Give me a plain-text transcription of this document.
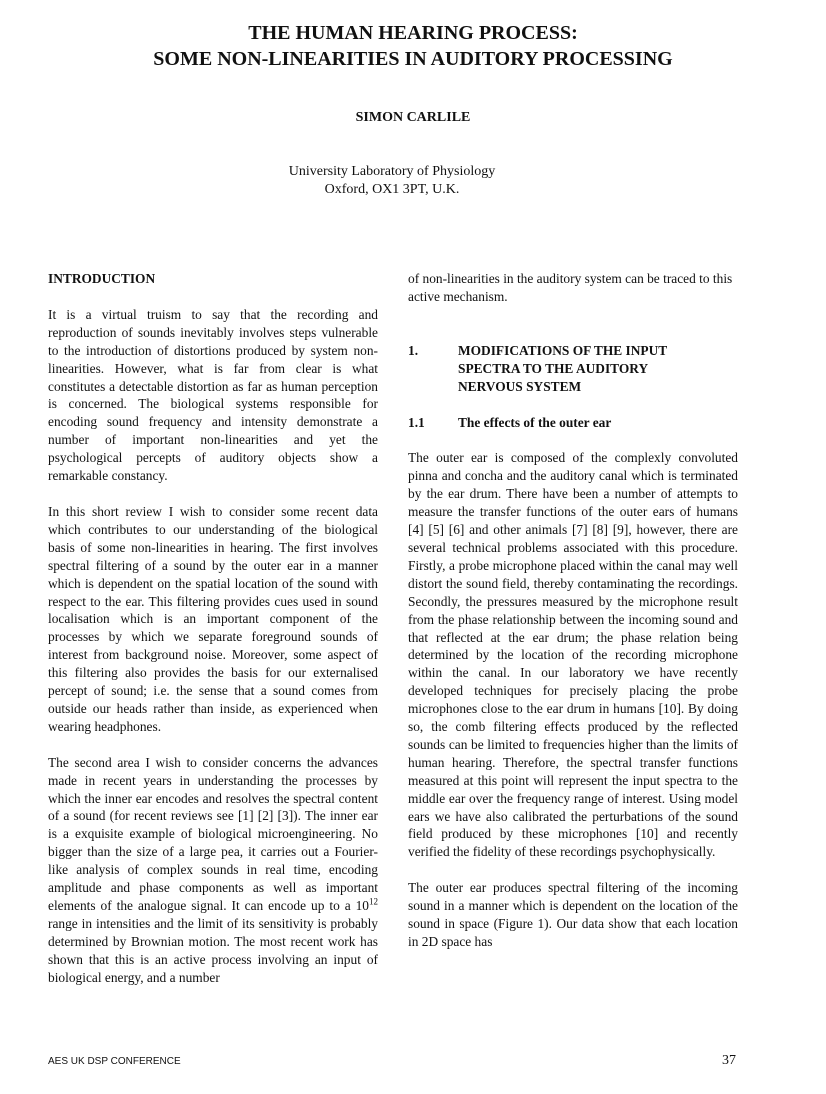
THE HUMAN HEARING PROCESS:
SOME NON-LINEARITIES IN AUDITORY PROCESSING
SIMON CARLILE
University Laboratory of Physiology
Oxford, OX1 3PT, U.K.
INTRODUCTION

It is a virtual truism to say that the recording and reproduction of sounds inevitably involves steps vulnerable to the introduction of distortions produced by system non-linearities. However, what is far from clear is what constitutes a detectable distortion as far as human perception is concerned. The biological systems responsible for encoding sound frequency and intensity demonstrate a number of important non-linearities and yet the psychological percepts of auditory objects show a remarkable constancy.

In this short review I wish to consider some recent data which contributes to our understanding of the biological basis of some non-linearities in hearing. The first involves spectral filtering of a sound by the outer ear in a manner which is dependent on the spatial location of the sound with respect to the ear. This filtering provides cues used in sound localisation which is an important component of the processes by which we separate foreground sounds of interest from background noise. Moreover, some aspect of this filtering also provides the basis for our externalised percept of sound; i.e. the sense that a sound comes from outside our heads rather than inside, as experienced when wearing headphones.

The second area I wish to consider concerns the advances made in recent years in understanding the processes by which the inner ear encodes and resolves the spectral content of a sound (for recent reviews see [1] [2] [3]). The inner ear is a exquisite example of biological microengineering. No bigger than the size of a large pea, it carries out a Fourier-like analysis of complex sounds in real time, encoding amplitude and phase components as well as important elements of the analogue signal. It can encode up to a $10^{12}$ range in intensities and the limit of its sensitivity is probably determined by Brownian motion. The most recent work has shown that this is an active process involving an input of biological energy, and a number

of non-linearities in the auditory system can be traced to this active mechanism.

1.	MODIFICATIONS OF THE INPUT
SPECTRA TO THE AUDITORY
NERVOUS SYSTEM
1.1	The effects of the outer ear

The outer ear is composed of the complexly convoluted pinna and concha and the auditory canal which is terminated by the ear drum. There have been a number of attempts to measure the transfer functions of the outer ears of humans [4] [5] [6] and other animals [7] [8] [9], however, there are several technical problems associated with this procedure. Firstly, a probe microphone placed within the canal may well distort the sound field, thereby contaminating the recordings. Secondly, the pressures measured by the microphone result from the phase relationship between the incoming sound and that reflected at the ear drum; the phase relation being determined by the location of the recording microphone within the canal. In our laboratory we have recently developed techniques for precisely placing the probe microphones close to the ear drum in humans [10]. By doing so, the comb filtering effects produced by the reflected sounds can be limited to frequencies higher than the limits of human hearing. Therefore, the spectral transfer functions measured at this point will represent the input spectra to the middle ear over the frequency range of interest. Using model ears we have also calibrated the perturbations of the sound field produced by these microphones [10] and recently verified the fidelity of these recordings psychophysically.

The outer ear produces spectral filtering of the incoming sound in a manner which is dependent on the location of the sound in space (Figure 1). Our data show that each location in 2D space has

AES UK DSP CONFERENCE	37
